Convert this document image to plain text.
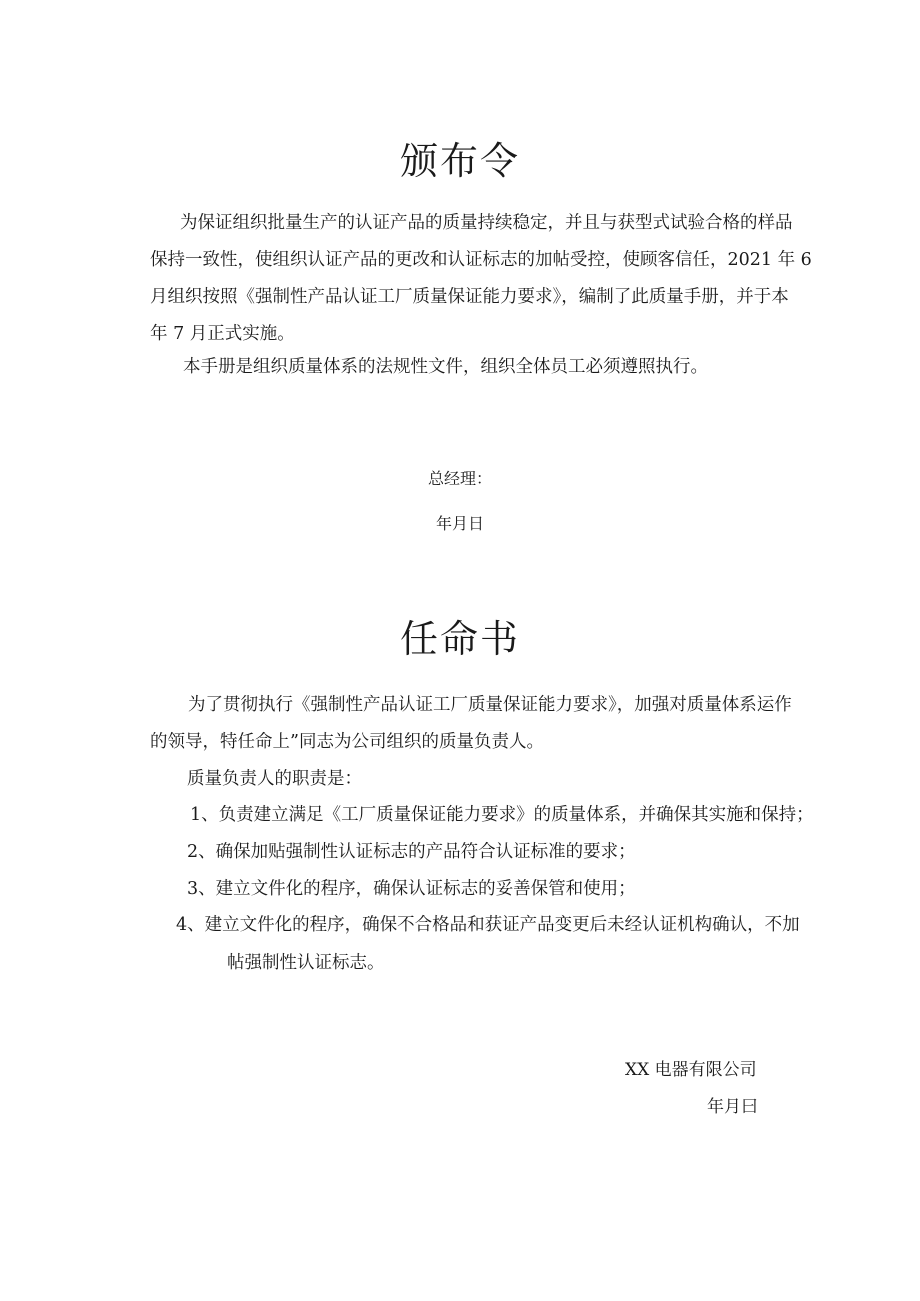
颁布令
为保证组织批量生产的认证产品的质量持续稳定，并且与获型式试验合格的样品
保持一致性，使组织认证产品的更改和认证标志的加帖受控，使顾客信任，2021 年 6
月组织按照《强制性产品认证工厂质量保证能力要求》，编制了此质量手册，并于本
年 7 月正式实施。

本手册是组织质量体系的法规性文件，组织全体员工必须遵照执行。

总经理：

年月日

任命书
为了贯彻执行《强制性产品认证工厂质量保证能力要求》，加强对质量体系运作
的领导，特任命上”同志为公司组织的质量负责人。

质量负责人的职责是：

1、负责建立满足《工厂质量保证能力要求》的质量体系，并确保其实施和保持；

2、确保加贴强制性认证标志的产品符合认证标准的要求；

3、建立文件化的程序，确保认证标志的妥善保管和使用；

4、建立文件化的程序，确保不合格品和获证产品变更后未经认证机构确认，不加

帖强制性认证标志。

XX 电器有限公司

年月曰
